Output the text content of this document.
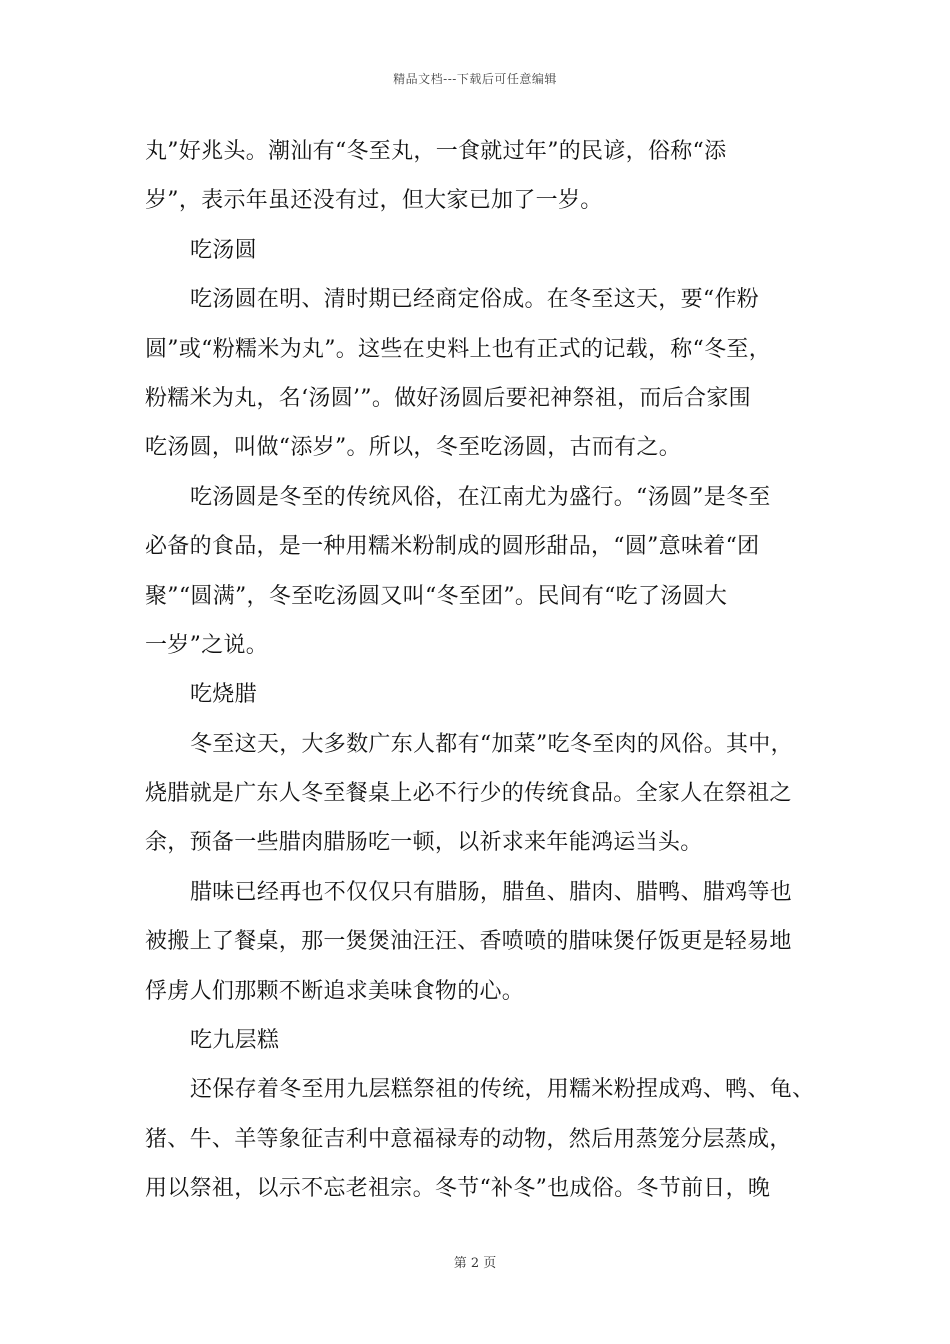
精品文档---下载后可任意编辑
丸”好兆头。潮汕有“冬至丸，一食就过年”的民谚，俗称“添
岁”，表示年虽还没有过，但大家已加了一岁。
吃汤圆
吃汤圆在明、清时期已经商定俗成。在冬至这天，要“作粉
圆”或“粉糯米为丸”。这些在史料上也有正式的记载，称“冬至，
粉糯米为丸，名‘汤圆’”。做好汤圆后要祀神祭祖，而后合家围
吃汤圆，叫做“添岁”。所以，冬至吃汤圆，古而有之。
吃汤圆是冬至的传统风俗，在江南尤为盛行。“汤圆”是冬至
必备的食品，是一种用糯米粉制成的圆形甜品，“圆”意味着“团
聚”“圆满”，冬至吃汤圆又叫“冬至团”。民间有“吃了汤圆大
一岁”之说。
吃烧腊
冬至这天，大多数广东人都有“加菜”吃冬至肉的风俗。其中，
烧腊就是广东人冬至餐桌上必不行少的传统食品。全家人在祭祖之
余，预备一些腊肉腊肠吃一顿，以祈求来年能鸿运当头。
腊味已经再也不仅仅只有腊肠，腊鱼、腊肉、腊鸭、腊鸡等也
被搬上了餐桌，那一煲煲油汪汪、香喷喷的腊味煲仔饭更是轻易地
俘虏人们那颗不断追求美味食物的心。
吃九层糕
还保存着冬至用九层糕祭祖的传统，用糯米粉捏成鸡、鸭、龟、
猪、牛、羊等象征吉利中意福禄寿的动物，然后用蒸笼分层蒸成，
用以祭祖，以示不忘老祖宗。冬节“补冬”也成俗。冬节前日，晚
第 2 页
